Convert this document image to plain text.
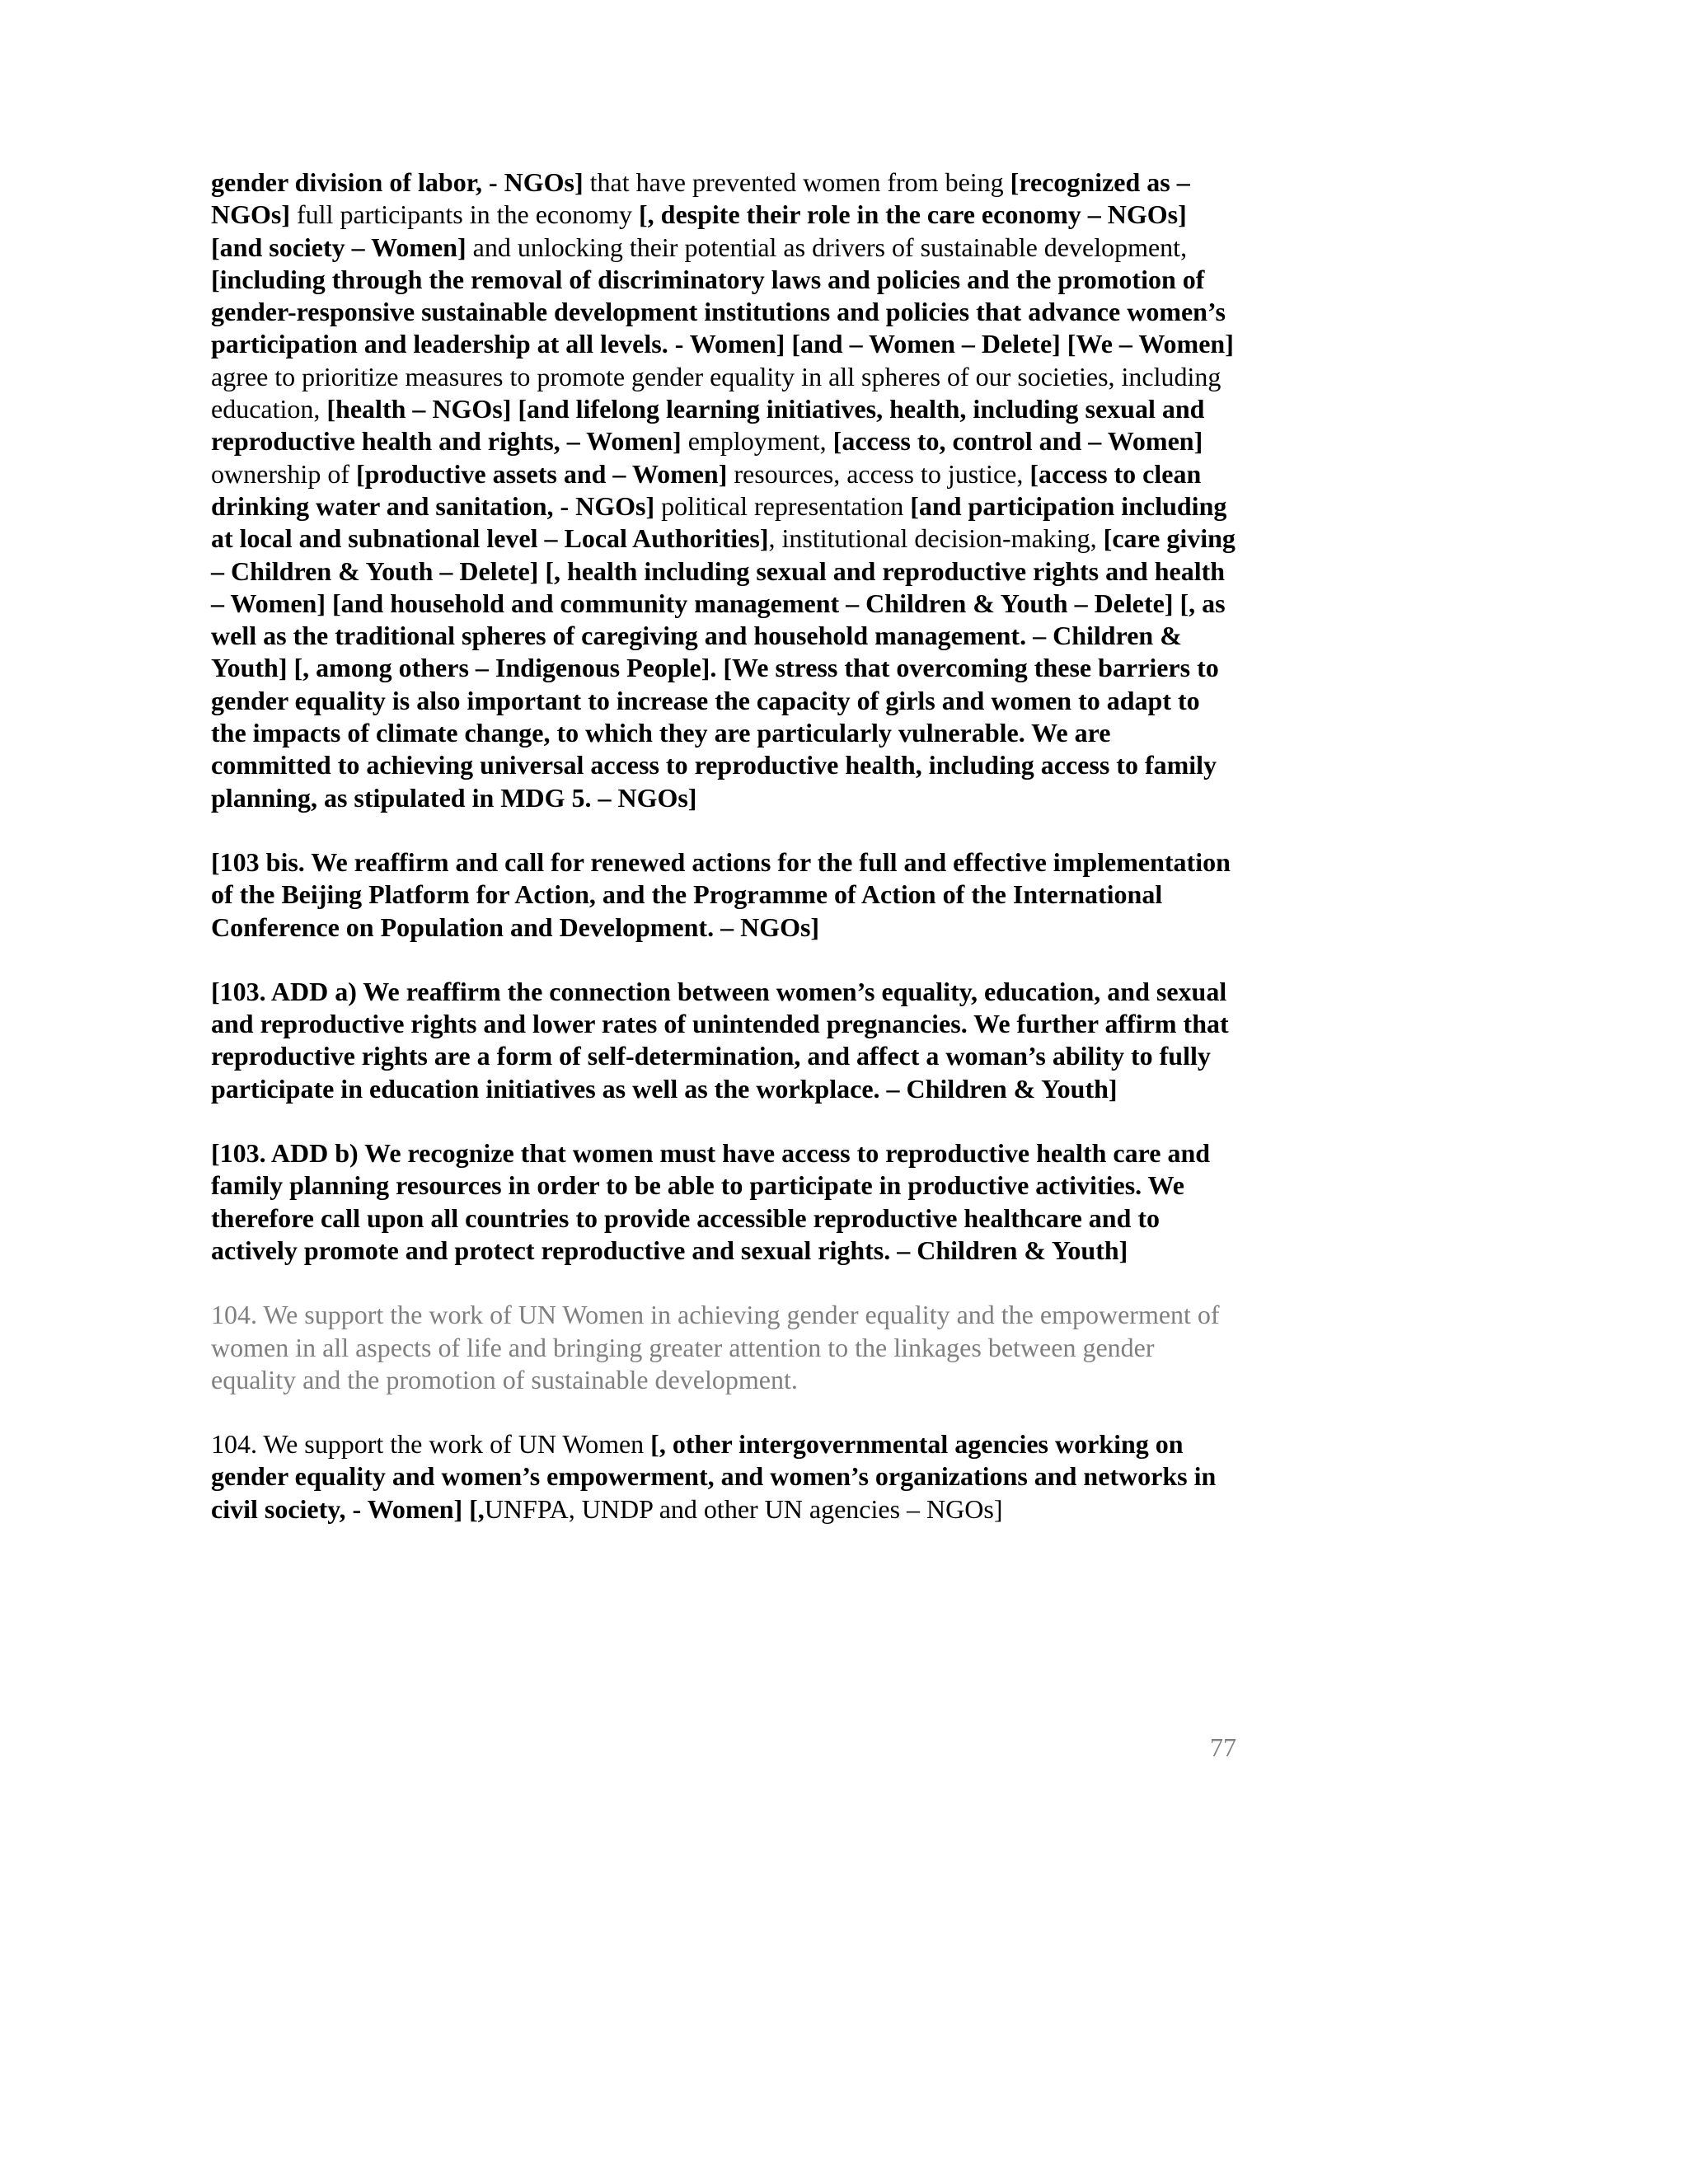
gender division of labor, - NGOs] that have prevented women from being [recognized as – NGOs] full participants in the economy [, despite their role in the care economy – NGOs] [and society – Women] and unlocking their potential as drivers of sustainable development, [including through the removal of discriminatory laws and policies and the promotion of gender-responsive sustainable development institutions and policies that advance women’s participation and leadership at all levels. - Women] [and – Women – Delete] [We – Women] agree to prioritize measures to promote gender equality in all spheres of our societies, including education, [health – NGOs] [and lifelong learning initiatives, health, including sexual and reproductive health and rights, – Women] employment, [access to, control and – Women] ownership of [productive assets and – Women] resources, access to justice, [access to clean drinking water and sanitation, - NGOs] political representation [and participation including at local and subnational level – Local Authorities], institutional decision-making, [care giving – Children & Youth – Delete] [, health including sexual and reproductive rights and health – Women] [and household and community management – Children & Youth – Delete] [, as well as the traditional spheres of caregiving and household management. – Children & Youth] [, among others – Indigenous People]. [We stress that overcoming these barriers to gender equality is also important to increase the capacity of girls and women to adapt to the impacts of climate change, to which they are particularly vulnerable. We are committed to achieving universal access to reproductive health, including access to family planning, as stipulated in MDG 5. – NGOs]

[103 bis. We reaffirm and call for renewed actions for the full and effective implementation of the Beijing Platform for Action, and the Programme of Action of the International Conference on Population and Development. – NGOs]

[103. ADD a) We reaffirm the connection between women’s equality, education, and sexual and reproductive rights and lower rates of unintended pregnancies. We further affirm that reproductive rights are a form of self-determination, and affect a woman’s ability to fully participate in education initiatives as well as the workplace. – Children & Youth]

[103. ADD b) We recognize that women must have access to reproductive health care and family planning resources in order to be able to participate in productive activities. We therefore call upon all countries to provide accessible reproductive healthcare and to actively promote and protect reproductive and sexual rights. – Children & Youth]

104. We support the work of UN Women in achieving gender equality and the empowerment of women in all aspects of life and bringing greater attention to the linkages between gender equality and the promotion of sustainable development.

104. We support the work of UN Women [, other intergovernmental agencies working on gender equality and women’s empowerment, and women’s organizations and networks in civil society, - Women] [,UNFPA, UNDP and other UN agencies – NGOs]

77
